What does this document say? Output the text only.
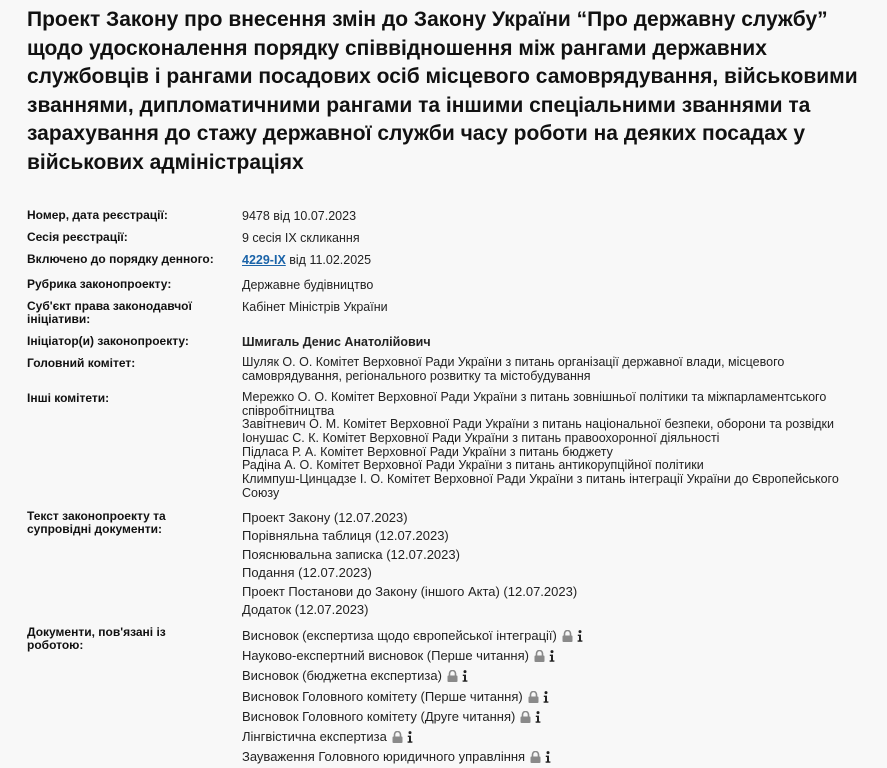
Проект Закону про внесення змін до Закону України “Про державну службу” щодо удосконалення порядку співвідношення між рангами державних службовців і рангами посадових осіб місцевого самоврядування, військовими званнями, дипломатичними рангами та іншими спеціальними званнями та зарахування до стажу державної служби часу роботи на деяких посадах у військових адміністраціях
Номер, дата реєстрації:	9478 від 10.07.2023
Сесія реєстрації:	9 сесія IX скликання
Включено до порядку денного:	4229-IX від 11.02.2025
Рубрика законопроекту:	Державне будівництво
Суб'єкт права законодавчої
ініціативи:
Кабінет Міністрів України
Ініціатор(и) законопроекту:	Шмигаль Денис Анатолійович
Головний комітет:	Шуляк О. О. Комітет Верховної Ради України з питань організації державної влади, місцевого
самоврядування, регіонального розвитку та містобудування
Інші комітети:	Мережко О. О. Комітет Верховної Ради України з питань зовнішньої політики та міжпарламентського
співробітництва
Завітневич О. М. Комітет Верховної Ради України з питань національної безпеки, оборони та розвідки
Іонушас С. К. Комітет Верховної Ради України з питань правоохоронної діяльності
Підласа Р. А. Комітет Верховної Ради України з питань бюджету
Радіна А. О. Комітет Верховної Ради України з питань антикорупційної політики
Климпуш-Цинцадзе І. О. Комітет Верховної Ради України з питань інтеграції України до Європейського
Союзу
Текст законопроекту та
супровідні документи:
Проект Закону (12.07.2023)
Порівняльна таблиця (12.07.2023)
Пояснювальна записка (12.07.2023)
Подання (12.07.2023)
Проект Постанови до Закону (іншого Акта) (12.07.2023)
Додаток (12.07.2023)
Документи, пов'язані із
роботою:
Висновок (експертиза щодо європейської інтеграції)
Науково-експертний висновок (Перше читання)
Висновок (бюджетна експертиза)
Висновок Головного комітету (Перше читання)
Висновок Головного комітету (Друге читання)
Лінгвістична експертиза
Зауваження Головного юридичного управління
